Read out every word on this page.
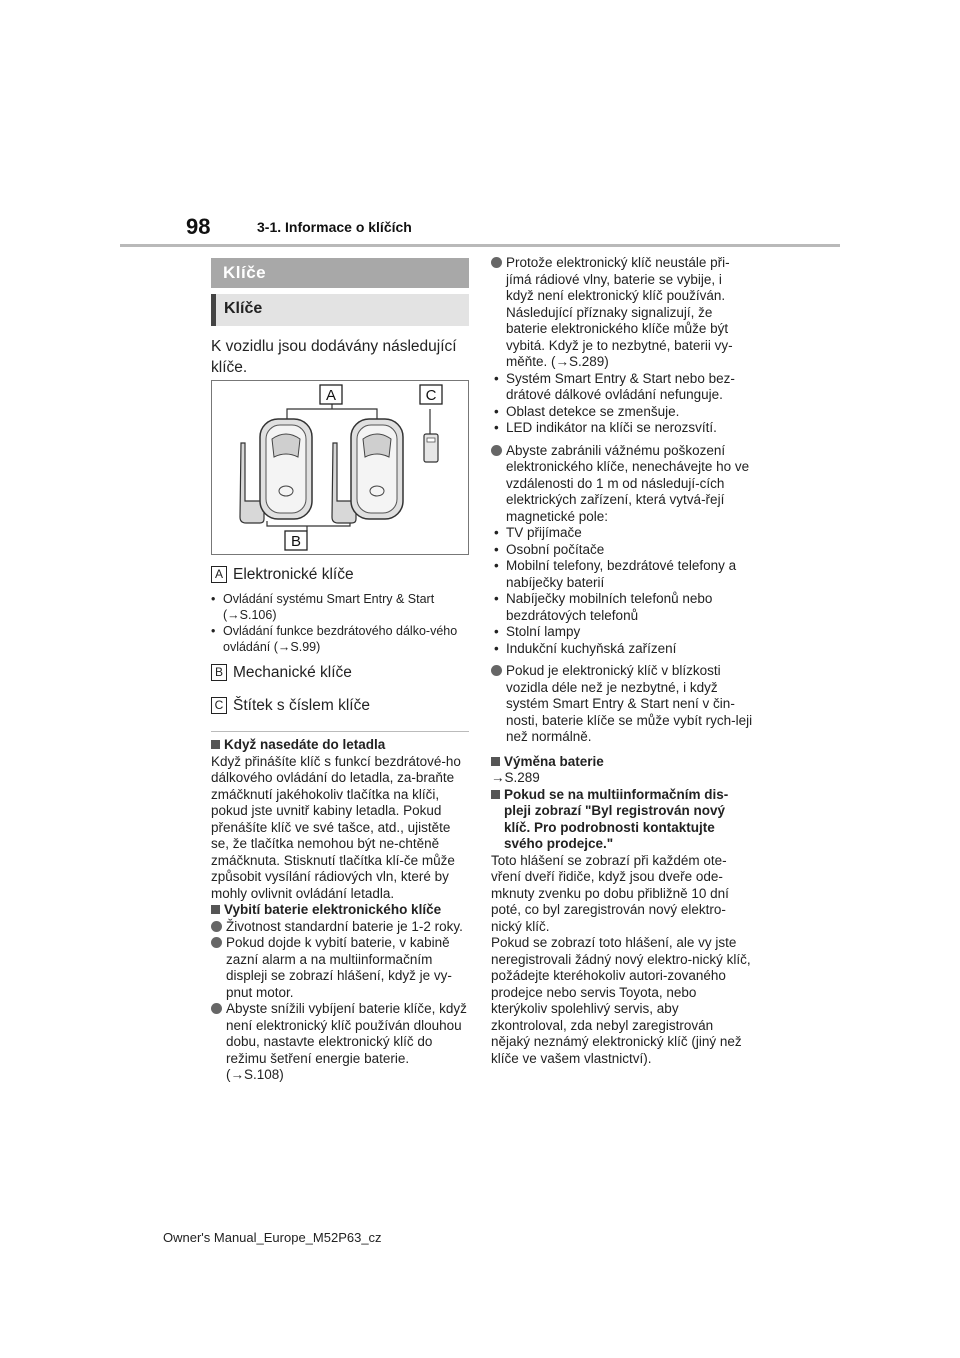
98	3-1. Informace o klíčích
Klíče
Klíče
K vozidlu jsou dodávány následující klíče.
A	C
B
A Elektronické klíče
• Ovládání systému Smart Entry & Start (→S.106)
• Ovládání funkce bezdrátového dálko-vého ovládání (→S.99)
B Mechanické klíče
C Štítek s číslem klíče

Když nasedáte do letadla

Když přinášíte klíč s funkcí bezdrátové-ho dálkového ovládání do letadla, za-braňte zmáčknutí jakéhokoliv tlačítka na klíči, pokud jste uvnitř kabiny letadla. Pokud přenášíte klíč ve své tašce, atd., ujistěte se, že tlačítka nemohou být ne-chtěně zmáčknuta. Stisknutí tlačítka klí-če může způsobit vysílání rádiových vln, které by mohly ovlivnit ovládání letadla.

Vybití baterie elektronického klíče

Životnost standardní baterie je 1-2 roky.

Pokud dojde k vybití baterie, v kabině zazní alarm a na multiinformačním displeji se zobrazí hlášení, když je vy-pnut motor.

Abyste snížili vybíjení baterie klíče, když není elektronický klíč používán dlouhou dobu, nastavte elektronický klíč do režimu šetření energie baterie. (→S.108)

Protože elektronický klíč neustále při-jímá rádiové vlny, baterie se vybije, i když není elektronický klíč používán. Následující příznaky signalizují, že baterie elektronického klíče může být vybitá. Když je to nezbytné, baterii vy-měňte. (→S.289)

• Systém Smart Entry & Start nebo bez-drátové dálkové ovládání nefunguje.

• Oblast detekce se zmenšuje.

• LED indikátor na klíči se nerozsvítí.

Abyste zabránili vážnému poškození elektronického klíče, nenechávejte ho ve vzdálenosti do 1 m od následují-cích elektrických zařízení, která vytvá-řejí magnetické pole:

• TV přijímače

• Osobní počítače

• Mobilní telefony, bezdrátové telefony a nabíječky baterií

• Nabíječky mobilních telefonů nebo bezdrátových telefonů

• Stolní lampy

• Indukční kuchyňská zařízení

Pokud je elektronický klíč v blízkosti vozidla déle než je nezbytné, i když systém Smart Entry & Start není v čin-nosti, baterie klíče se může vybít rych-leji než normálně.

Výměna baterie

→S.289

Pokud se na multiinformačním dis-pleji zobrazí "Byl registrován nový klíč. Pro podrobnosti kontaktujte svého prodejce."

Toto hlášení se zobrazí při každém ote-vření dveří řidiče, když jsou dveře ode-mknuty zvenku po dobu přibližně 10 dní poté, co byl zaregistrován nový elektro-nický klíč.

Pokud se zobrazí toto hlášení, ale vy jste neregistrovali žádný nový elektro-nický klíč, požádejte kteréhokoliv autori-zovaného prodejce nebo servis Toyota, nebo kterýkoliv spolehlivý servis, aby zkontroloval, zda nebyl zaregistrován nějaký neznámý elektronický klíč (jiný než klíče ve vašem vlastnictví).

Owner's Manual_Europe_M52P63_cz
